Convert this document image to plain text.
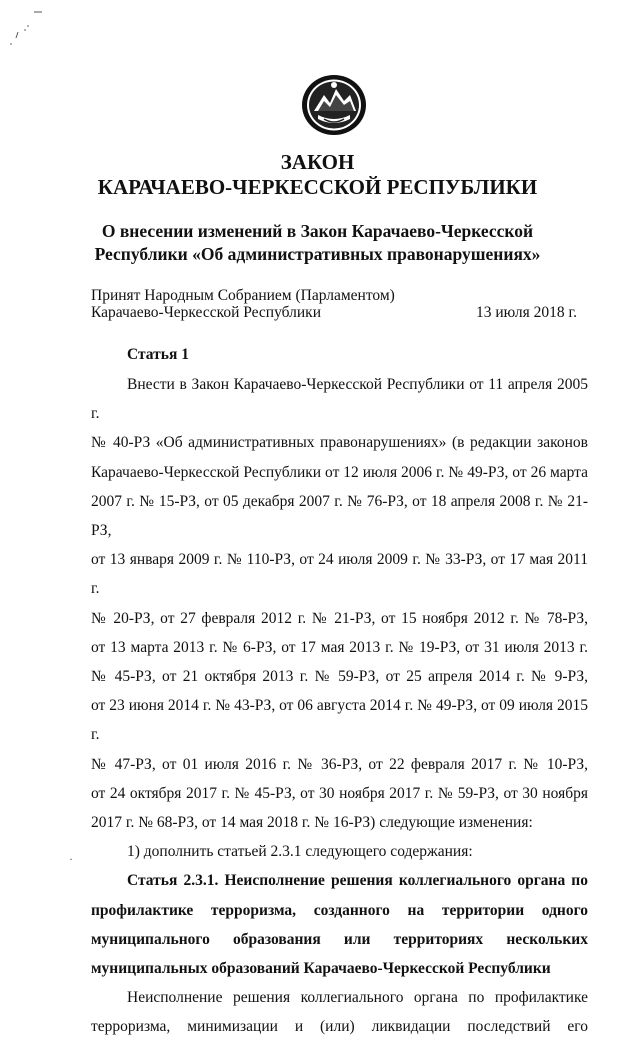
ЗАКОН
КАРАЧАЕВО-ЧЕРКЕССКОЙ РЕСПУБЛИКИ
О внесении изменений в Закон Карачаево-Черкесской
Республики «Об административных правонарушениях»
Принят Народным Собранием (Парламентом)
Карачаево-Черкесской Республики	13 июля 2018 г.
Статья 1

Внести в Закон Карачаево-Черкесской Республики от 11 апреля 2005 г.

№ 40-РЗ «Об административных правонарушениях» (в редакции законов

Карачаево-Черкесской Республики от 12 июля 2006 г. № 49-РЗ, от 26 марта

2007 г. № 15-РЗ, от 05 декабря 2007 г. № 76-РЗ, от 18 апреля 2008 г. № 21-РЗ,

от 13 января 2009 г. № 110-РЗ, от 24 июля 2009 г. № 33-РЗ, от 17 мая 2011 г.

№ 20-РЗ, от 27 февраля 2012 г. № 21-РЗ, от 15 ноября 2012 г. № 78-РЗ,

от 13 марта 2013 г. № 6-РЗ, от 17 мая 2013 г. № 19-РЗ, от 31 июля 2013 г.

№ 45-РЗ, от 21 октября 2013 г. № 59-РЗ, от 25 апреля 2014 г. № 9-РЗ,

от 23 июня 2014 г. № 43-РЗ, от 06 августа 2014 г. № 49-РЗ, от 09 июля 2015 г.

№ 47-РЗ, от 01 июля 2016 г. № 36-РЗ, от 22 февраля 2017 г. № 10-РЗ,

от 24 октября 2017 г. № 45-РЗ, от 30 ноября 2017 г. № 59-РЗ, от 30 ноября

2017 г. № 68-РЗ, от 14 мая 2018 г. № 16-РЗ) следующие изменения:

1) дополнить статьей 2.3.1 следующего содержания:

Статья 2.3.1. Неисполнение решения коллегиального органа по

профилактике терроризма, созданного на территории одного

муниципального образования или территориях нескольких

муниципальных образований Карачаево-Черкесской Республики

Неисполнение решения коллегиального органа по профилактике

терроризма, минимизации и (или) ликвидации последствий его

·
